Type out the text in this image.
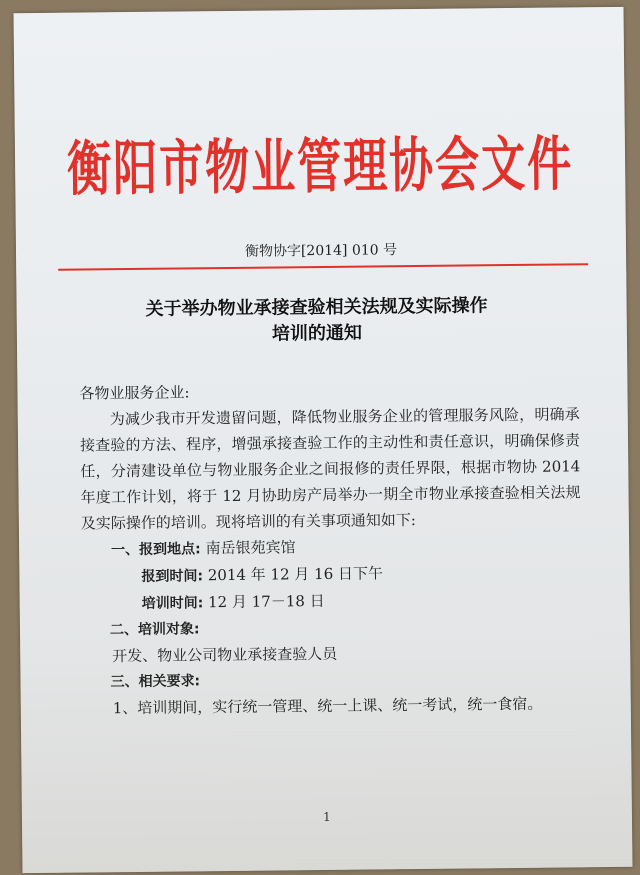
衡阳市物业管理协会文件
衡物协字[2014] 010 号
关于举办物业承接查验相关法规及实际操作
培训的通知

各物业服务企业:

为减少我市开发遗留问题，降低物业服务企业的管理服务风险，明确承接查验的方法、程序，增强承接查验工作的主动性和责任意识，明确保修责任，分清建设单位与物业服务企业之间报修的责任界限，根据市物协 2014 年度工作计划，将于 12 月协助房产局举办一期全市物业承接查验相关法规及实际操作的培训。现将培训的有关事项通知如下:

一、报到地点: 南岳银苑宾馆

报到时间: 2014 年 12 月 16 日下午

培训时间: 12 月 17－18 日

二、培训对象:

开发、物业公司物业承接查验人员

三、相关要求:

1、培训期间，实行统一管理、统一上课、统一考试，统一食宿。

1
